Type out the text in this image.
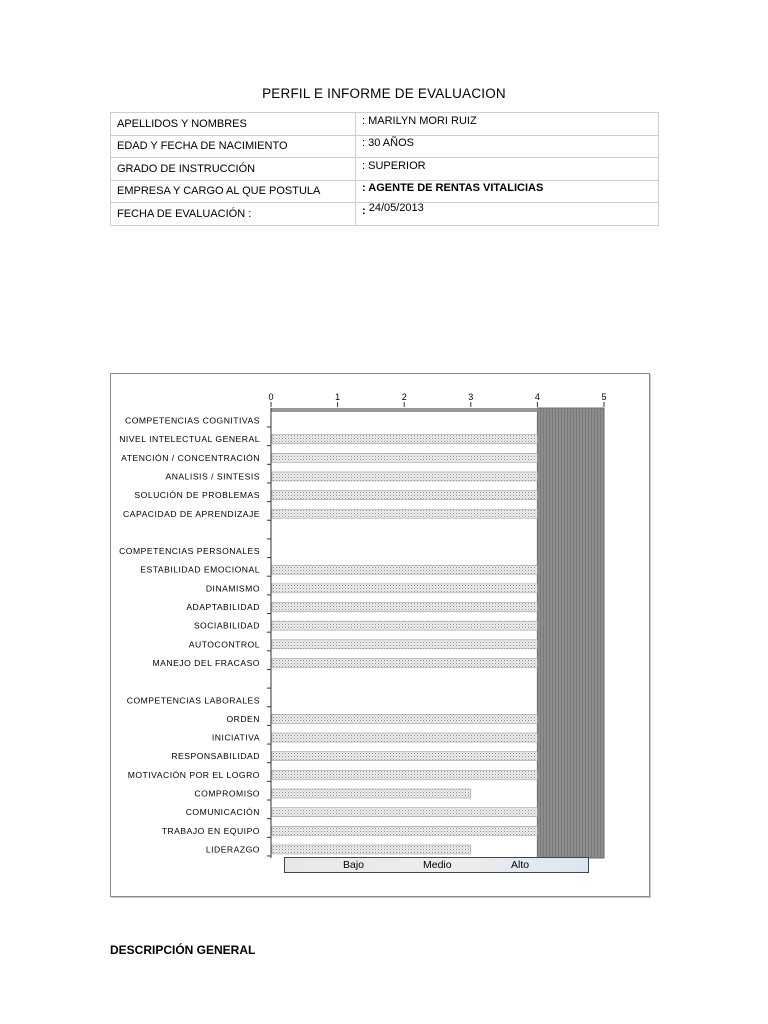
PERFIL E INFORME DE EVALUACION
APELLIDOS Y NOMBRES	: MARILYN MORI RUIZ
EDAD Y FECHA DE NACIMIENTO	: 30 AÑOS
GRADO DE INSTRUCCIÓN	: SUPERIOR
EMPRESA Y CARGO AL QUE POSTULA	: AGENTE DE RENTAS VITALICIAS
FECHA DE EVALUACIÓN :	: 24/05/2013
0	1	2	3	4	5
COMPETENCIAS COGNITIVAS
NIVEL INTELECTUAL GENERAL
ATENCIÓN / CONCENTRACIÓN
ANALISIS / SINTESIS
SOLUCIÓN DE PROBLEMAS
CAPACIDAD DE APRENDIZAJE
COMPETENCIAS PERSONALES
ESTABILIDAD EMOCIONAL
DINAMISMO
ADAPTABILIDAD
SOCIABILIDAD
AUTOCONTROL
MANEJO DEL FRACASO
COMPETENCIAS LABORALES
ORDEN
INICIATIVA
RESPONSABILIDAD
MOTIVACIÓN POR EL LOGRO
COMPROMISO
COMUNICACIÓN
TRABAJO EN EQUIPO
LIDERAZGO
Bajo	Medio	Alto
DESCRIPCIÓN GENERAL
